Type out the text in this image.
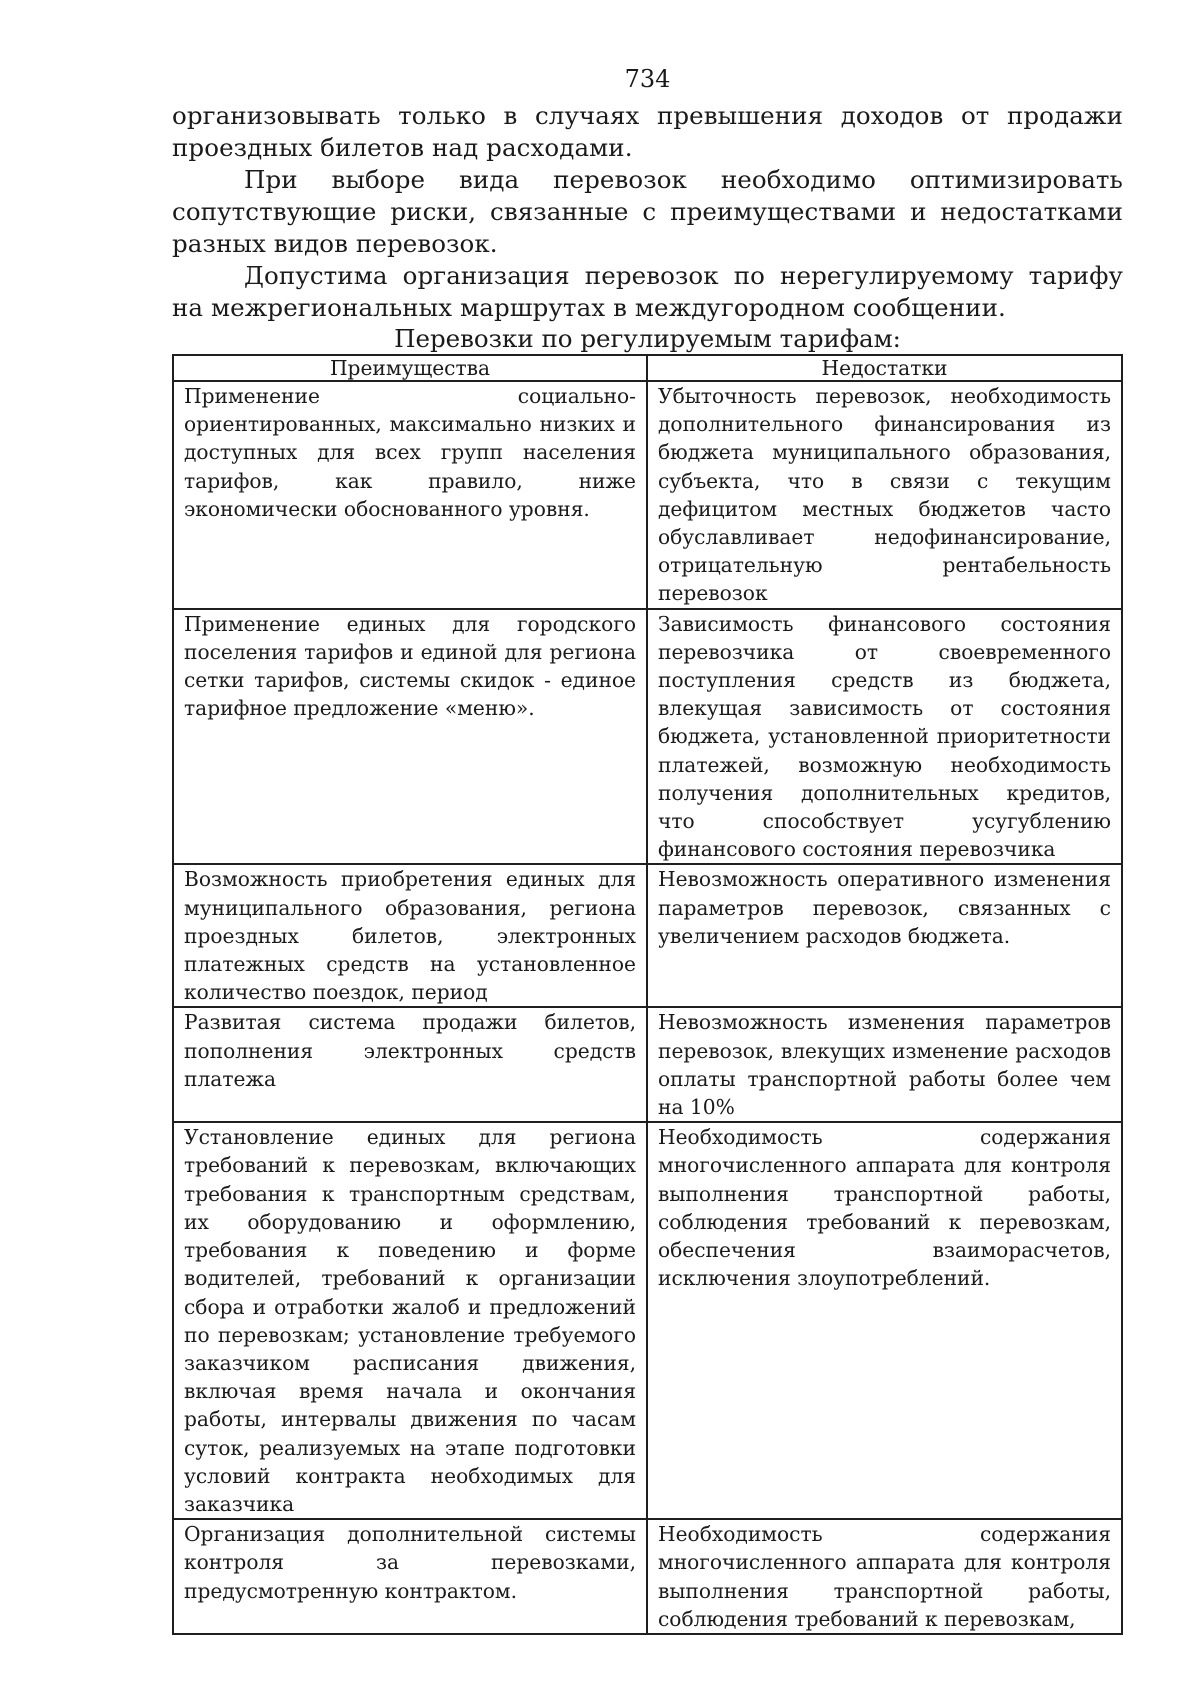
734

организовывать только в случаях превышения доходов от продажи проездных билетов над расходами.

При выборе вида перевозок необходимо оптимизировать сопутствующие риски, связанные с преимуществами и недостатками разных видов перевозок.

Допустима организация перевозок по нерегулируемому тарифу на межрегиональных маршрутах в междугородном сообщении.

Перевозки по регулируемым тарифам:

Преимущества	Недостатки
Применение социально-ориентированных, максимально низких и доступных для всех групп населения тарифов, как правило, ниже экономически обоснованного уровня.	Убыточность перевозок, необходимость дополнительного финансирования из бюджета муниципального образования, субъекта, что в связи с текущим дефицитом местных бюджетов часто обуславливает недофинансирование, отрицательную рентабельность перевозок
Применение единых для городского поселения тарифов и единой для региона сетки тарифов, системы скидок - единое тарифное предложение «меню».	Зависимость финансового состояния перевозчика от своевременного поступления средств из бюджета, влекущая зависимость от состояния бюджета, установленной приоритетности платежей, возможную необходимость получения дополнительных кредитов, что способствует усугублению финансового состояния перевозчика
Возможность приобретения единых для муниципального образования, региона проездных билетов, электронных платежных средств на установленное количество поездок, период	Невозможность оперативного изменения параметров перевозок, связанных с увеличением расходов бюджета.
Развитая система продажи билетов, пополнения электронных средств платежа	Невозможность изменения параметров перевозок, влекущих изменение расходов оплаты транспортной работы более чем на 10%
Установление единых для региона требований к перевозкам, включающих требования к транспортным средствам, их оборудованию и оформлению, требования к поведению и форме водителей, требований к организации сбора и отработки жалоб и предложений по перевозкам; установление требуемого заказчиком расписания движения, включая время начала и окончания работы, интервалы движения по часам суток, реализуемых на этапе подготовки условий контракта необходимых для заказчика	Необходимость содержания многочисленного аппарата для контроля выполнения транспортной работы, соблюдения требований к перевозкам, обеспечения взаиморасчетов, исключения злоупотреблений.
Организация дополнительной системы контроля за перевозками, предусмотренную контрактом.	Необходимость содержания многочисленного аппарата для контроля выполнения транспортной работы, соблюдения требований к перевозкам,
